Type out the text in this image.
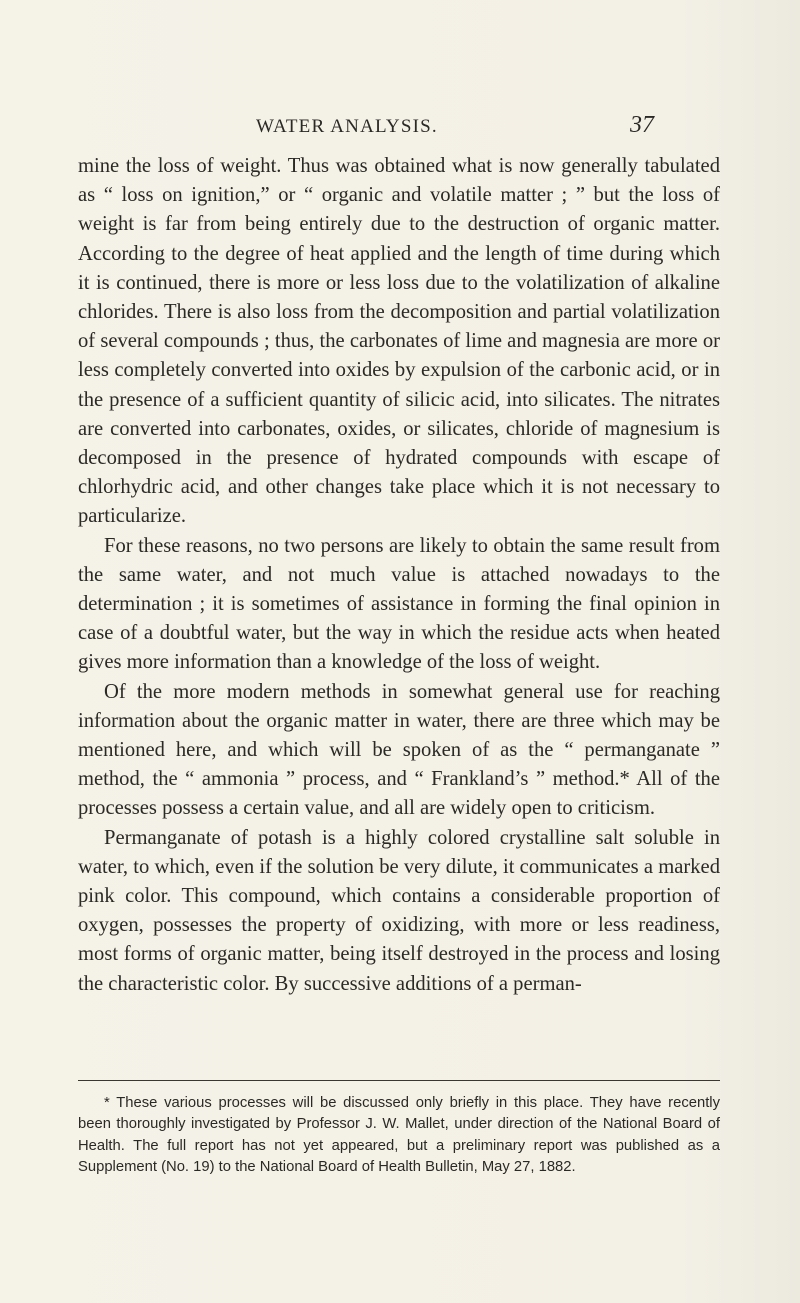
WATER ANALYSIS.	37

mine the loss of weight. Thus was obtained what is now generally tabulated as “ loss on ignition,” or “ organic and volatile matter ; ” but the loss of weight is far from being entirely due to the destruction of organic matter. According to the degree of heat applied and the length of time during which it is continued, there is more or less loss due to the volatilization of alkaline chlorides. There is also loss from the decomposition and partial volatilization of several compounds ; thus, the carbonates of lime and magnesia are more or less completely converted into oxides by expulsion of the carbonic acid, or in the presence of a sufficient quantity of silicic acid, into silicates. The nitrates are converted into carbonates, oxides, or silicates, chloride of magnesium is decomposed in the presence of hydrated compounds with escape of chlorhydric acid, and other changes take place which it is not necessary to particularize.

For these reasons, no two persons are likely to obtain the same result from the same water, and not much value is attached nowadays to the determination ; it is sometimes of assistance in forming the final opinion in case of a doubtful water, but the way in which the residue acts when heated gives more information than a knowledge of the loss of weight.

Of the more modern methods in somewhat general use for reaching information about the organic matter in water, there are three which may be mentioned here, and which will be spoken of as the “ permanganate ” method, the “ ammonia ” process, and “ Frankland’s ” method.* All of the processes possess a certain value, and all are widely open to criticism.

Permanganate of potash is a highly colored crystalline salt soluble in water, to which, even if the solution be very dilute, it communicates a marked pink color. This compound, which contains a considerable proportion of oxygen, possesses the property of oxidizing, with more or less readiness, most forms of organic matter, being itself destroyed in the process and losing the characteristic color. By successive additions of a perman-

* These various processes will be discussed only briefly in this place. They have recently been thoroughly investigated by Professor J. W. Mallet, under direction of the National Board of Health. The full report has not yet appeared, but a preliminary report was published as a Supplement (No. 19) to the National Board of Health Bulletin, May 27, 1882.
